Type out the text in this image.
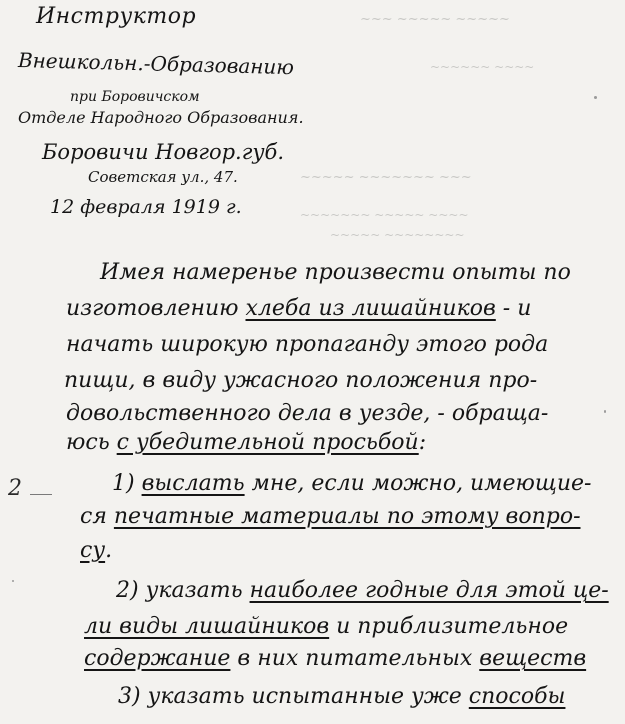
~~~ ~~~~~ ~~~~~
~~~~~~ ~~~~
~~~~~ ~~~~~~~ ~~~
~~~~~~~ ~~~~~ ~~~~
~~~~~ ~~~~~~~~
Инструктор
Внешкольн.-Образованию
при Боровичском
Отделе Народного Образования.
Боровичи Новгор.губ.
Советская ул., 47.
12 февраля 1919 г.
Имея намеренье произвести опыты по
изготовлению хлеба из лишайников - и
начать широкую пропаганду этого рода
пищи, в виду ужасного положения про-
довольственного дела в уезде, - обраща-
юсь с убедительной просьбой:
1) выслать мне, если можно, имеющие-
ся печатные материалы по этому вопро-
су.
2) указать наиболее годные для этой це-
ли виды лишайников и приблизительное
содержание в них питательных веществ
3) указать испытанные уже способы
2
